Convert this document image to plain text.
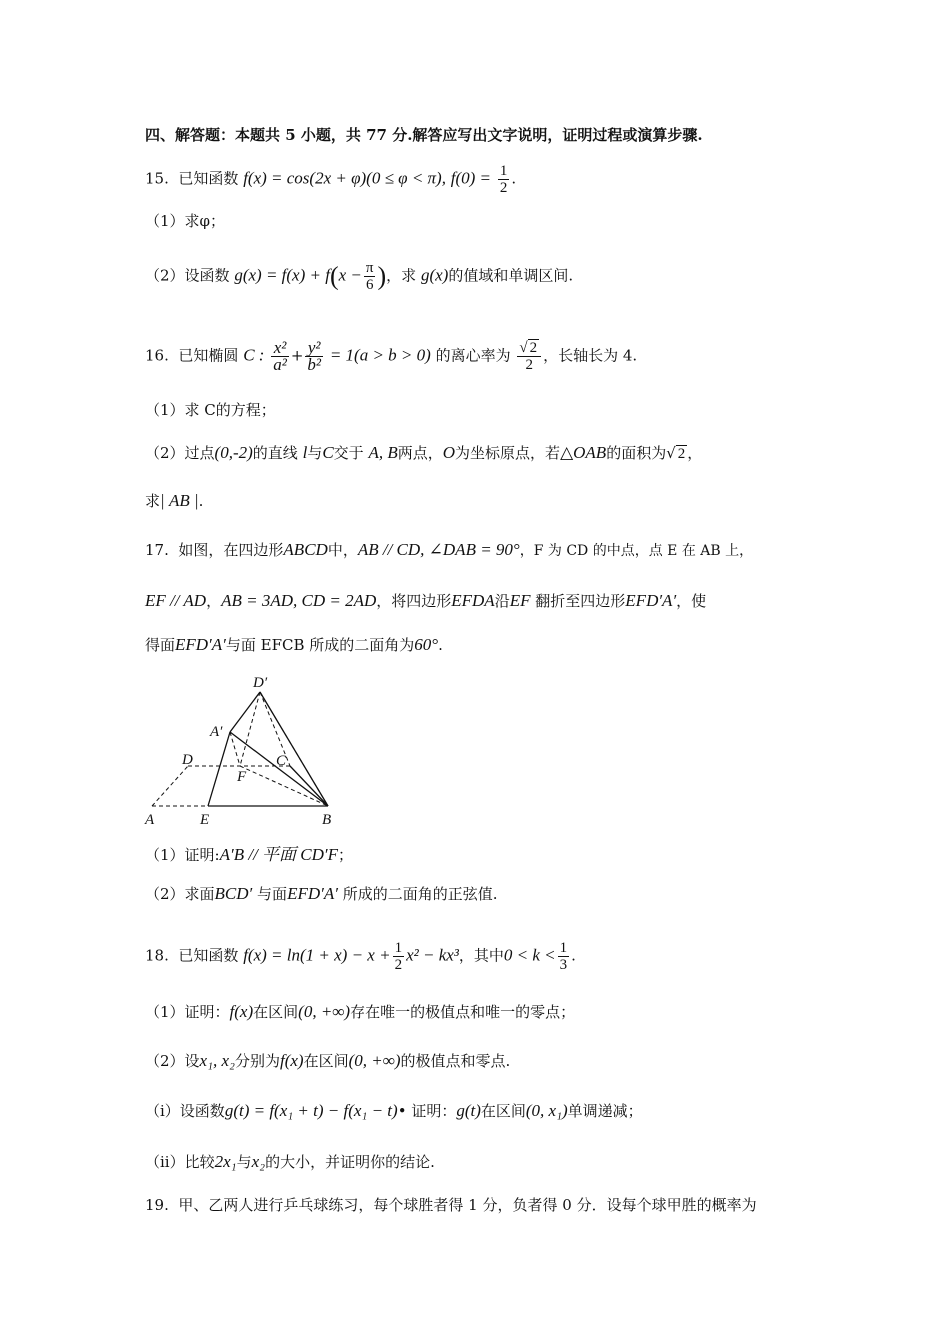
四、解答题：本题共 5 小题，共 77 分.解答应写出文字说明，证明过程或演算步骤.
15. 已知函数 f(x) = cos(2x + φ)(0 ≤ φ < π), $f(0) = \frac{1}{2}$ .
（1）求φ；
（2）设函数 $g(x) = f(x) + f(x - \frac{\pi}{6}$ )，求 g(x)的值域和单调区间.
16. 已知椭圆 C : $\frac{\text{x²}}{\text{a²}} + \frac{\text{y²}}{\text{b²}} = 1(a > b > 0)$ 的离心率为 $\frac{√ 2}{2}$ ，长轴长为 4.
（1）求 C的方程；
（2）过点(0,-2)的直线 l与C交于 A, B两点，O为坐标原点，若△OAB的面积为√ 2 ，
求| AB |.
17. 如图，在四边形ABCD中，AB // CD, ∠DAB = 90°，F 为 CD 的中点，点 E 在 AB 上，
EF // AD，AB = 3AD, CD = 2AD，将四边形EFDA沿EF 翻折至四边形EFD′A′，使
得面EFD′A′与面 EFCB 所成的二面角为60°.
D′
A′
D	C
F
A	E	B
（1）证明:A′B // 平面 CD′F；
（2）求面BCD′ 与面EFD′A′ 所成的二面角的正弦值.
18. 已知函数 $f(x) = \ln(1 + x) - x + \frac{1}{2} x^2 - kx^3$，其中$0 < k < \frac{1}{3}$ .
（1）证明：f(x)在区间(0, +∞)存在唯一的极值点和唯一的零点；
（2）设x₁, x₂分别为f(x)在区间(0, +∞)的极值点和零点.
（i）设函数g(t) = f(x₁ + t) − f(x₁ − t)• 证明：g(t)在区间(0, x₁)单调递减；
（ii）比较2x₁与x₂的大小，并证明你的结论.
19. 甲、乙两人进行乒乓球练习，每个球胜者得 1 分，负者得 0 分．设每个球甲胜的概率为
